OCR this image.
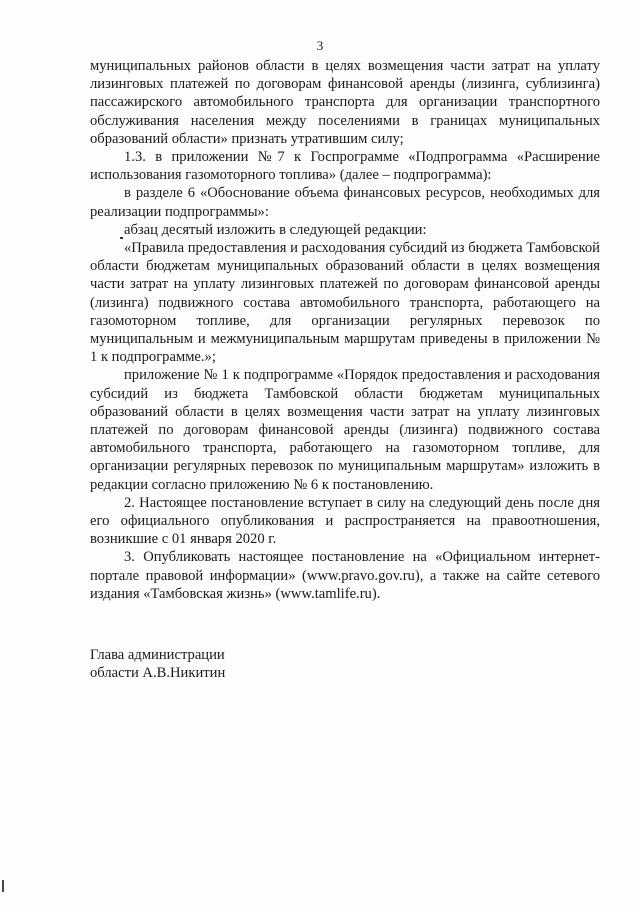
3

муниципальных районов области в целях возмещения части затрат на уплату лизинговых платежей по договорам финансовой аренды (лизинга, сублизинга) пассажирского автомобильного транспорта для организации транспортного обслуживания населения между поселениями в границах муниципальных образований области» признать утратившим силу;

1.3. в приложении №7 к Госпрограмме «Подпрограмма «Расширение использования газомоторного топлива» (далее – подпрограмма):

в разделе 6 «Обоснование объема финансовых ресурсов, необходимых для реализации подпрограммы»:

абзац десятый изложить в следующей редакции:

«Правила предоставления и расходования субсидий из бюджета Тамбовской области бюджетам муниципальных образований области в целях возмещения части затрат на уплату лизинговых платежей по договорам финансовой аренды (лизинга) подвижного состава автомобильного транспорта, работающего на газомоторном топливе, для организации регулярных перевозок по муниципальным и межмуниципальным маршрутам приведены в приложении № 1 к подпрограмме.»;

приложение № 1 к подпрограмме «Порядок предоставления и расходования субсидий из бюджета Тамбовской области бюджетам муниципальных образований области в целях возмещения части затрат на уплату лизинговых платежей по договорам финансовой аренды (лизинга) подвижного состава автомобильного транспорта, работающего на газомоторном топливе, для организации регулярных перевозок по муниципальным маршрутам» изложить в редакции согласно приложению № 6 к постановлению.

2. Настоящее постановление вступает в силу на следующий день после дня его официального опубликования и распространяется на правоотношения, возникшие с 01 января 2020 г.

3. Опубликовать настоящее постановление на «Официальном интернет-портале правовой информации» (www.pravo.gov.ru), а также на сайте сетевого издания «Тамбовская жизнь» (www.tamlife.ru).

Глава администрации
области А.В.Никитин
